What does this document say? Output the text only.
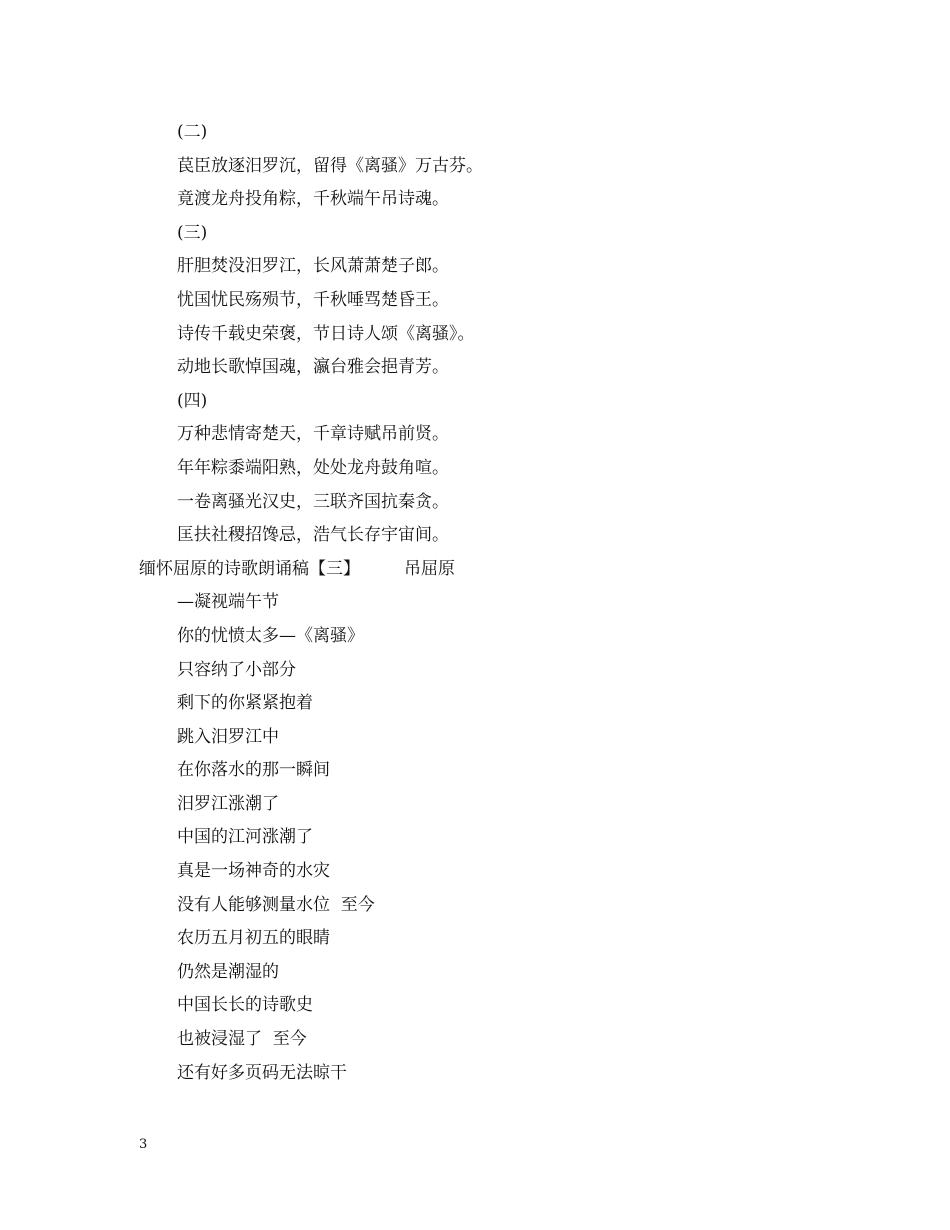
(二)
苠臣放逐汨罗沉，留得《离骚》万古芬。
竟渡龙舟投角粽，千秋端午吊诗魂。
(三)
肝胆焚没汨罗江，长风萧萧楚子郎。
忧国忧民殇殒节，千秋唾骂楚昏王。
诗传千载史荣褒，节日诗人颂《离骚》。
动地长歌悼国魂，瀛台雅会挹青芳。
(四)
万种悲情寄楚天，千章诗赋吊前贤。
年年粽黍端阳熟，处处龙舟鼓角喧。
一卷离骚光汉史，三联齐国抗秦贪。
匡扶社稷招馋忌，浩气长存宇宙间。
缅怀屈原的诗歌朗诵稿【三】	吊屈原
—凝视端午节
你的忧愤太多—《离骚》
只容纳了小部分
剩下的你紧紧抱着
跳入汨罗江中
在你落水的那一瞬间
汨罗江涨潮了
中国的江河涨潮了
真是一场神奇的水灾
没有人能够测量水位  至今
农历五月初五的眼睛
仍然是潮湿的
中国长长的诗歌史
也被浸湿了  至今
还有好多页码无法晾干
3
